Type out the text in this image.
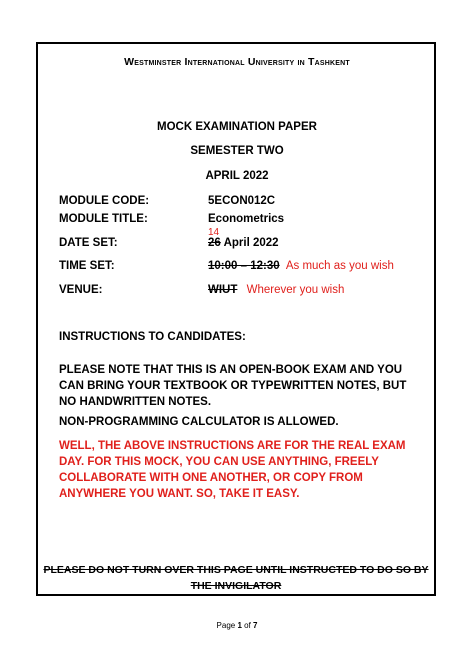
Westminster International University in Tashkent
MOCK EXAMINATION PAPER
SEMESTER TWO
APRIL 2022
MODULE CODE:	5ECON012C
MODULE TITLE:	Econometrics
14
DATE SET:	26 April 2022
TIME SET:	10:00 – 12:30 As much as you wish
VENUE:	WIUT Wherever you wish
INSTRUCTIONS TO CANDIDATES:
PLEASE NOTE THAT THIS IS AN OPEN-BOOK EXAM AND YOU CAN BRING YOUR TEXTBOOK OR TYPEWRITTEN NOTES, BUT NO HANDWRITTEN NOTES.
NON-PROGRAMMING CALCULATOR IS ALLOWED.
WELL, THE ABOVE INSTRUCTIONS ARE FOR THE REAL EXAM DAY. FOR THIS MOCK, YOU CAN USE ANYTHING, FREELY COLLABORATE WITH ONE ANOTHER, OR COPY FROM ANYWHERE YOU WANT. SO, TAKE IT EASY.
PLEASE DO NOT TURN OVER THIS PAGE UNTIL INSTRUCTED TO DO SO BY THE INVIGILATOR
Page 1 of 7
